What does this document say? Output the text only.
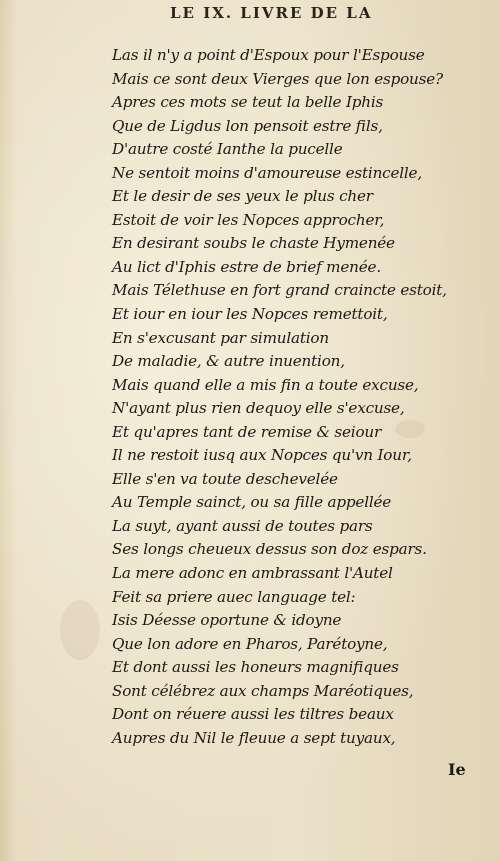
LE IX. LIVRE DE LA
Las il n'y a point d'Espoux pour l'Espouse
Mais ce sont deux Vierges que lon espouse?
Apres ces mots se teut la belle Iphis
Que de Ligdus lon pensoit estre fils,
D'autre costé Ianthe la pucelle
Ne sentoit moins d'amoureuse estincelle,
Et le desir de ses yeux le plus cher
Estoit de voir les Nopces approcher,
En desirant soubs le chaste Hymenée
Au lict d'Iphis estre de brief menée.
Mais Télethuse en fort grand craincte estoit,
Et iour en iour les Nopces remettoit,
En s'excusant par simulation
De maladie, & autre inuention,
Mais quand elle a mis fin a toute excuse,
N'ayant plus rien dequoy elle s'excuse,
Et qu'apres tant de remise & seiour
Il ne restoit iusq aux Nopces qu'vn Iour,
Elle s'en va toute deschevelée
Au Temple sainct, ou sa fille appellée
La suyt, ayant aussi de toutes pars
Ses longs cheueux dessus son doz espars.
La mere adonc en ambrassant l'Autel
Feit sa priere auec language tel:
Isis Déesse oportune & idoyne
Que lon adore en Pharos, Parétoyne,
Et dont aussi les honeurs magnifiques
Sont célébrez aux champs Maréotiques,
Dont on réuere aussi les tiltres beaux
Aupres du Nil le fleuue a sept tuyaux,
Ie
